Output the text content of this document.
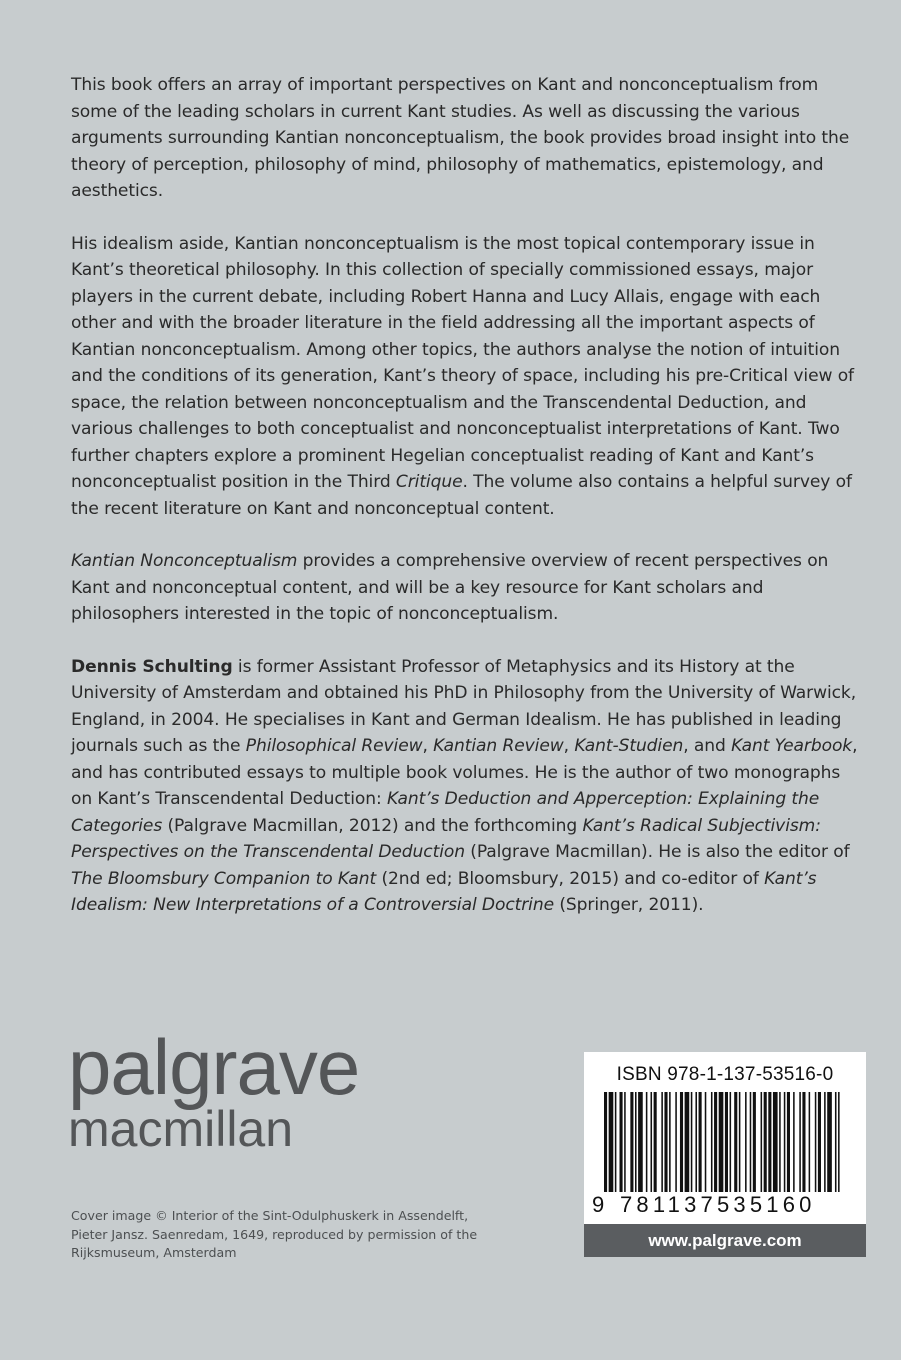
This book offers an array of important perspectives on Kant and nonconceptualism from some of the leading scholars in current Kant studies. As well as discussing the various arguments surrounding Kantian nonconceptualism, the book provides broad insight into the theory of perception, philosophy of mind, philosophy of mathematics, epistemology, and aesthetics.

His idealism aside, Kantian nonconceptualism is the most topical contemporary issue in Kant’s theoretical philosophy. In this collection of specially commissioned essays, major players in the current debate, including Robert Hanna and Lucy Allais, engage with each other and with the broader literature in the field addressing all the important aspects of Kantian nonconceptualism. Among other topics, the authors analyse the notion of intuition and the conditions of its generation, Kant’s theory of space, including his pre-Critical view of space, the relation between nonconceptualism and the Transcendental Deduction, and various challenges to both conceptualist and nonconceptualist interpretations of Kant. Two further chapters explore a prominent Hegelian conceptualist reading of Kant and Kant’s nonconceptualist position in the Third Critique. The volume also contains a helpful survey of the recent literature on Kant and nonconceptual content.

Kantian Nonconceptualism provides a comprehensive overview of recent perspectives on Kant and nonconceptual content, and will be a key resource for Kant scholars and philosophers interested in the topic of nonconceptualism.

Dennis Schulting is former Assistant Professor of Metaphysics and its History at the University of Amsterdam and obtained his PhD in Philosophy from the University of Warwick, England, in 2004. He specialises in Kant and German Idealism. He has published in leading journals such as the Philosophical Review, Kantian Review, Kant-Studien, and Kant Yearbook, and has contributed essays to multiple book volumes. He is the author of two monographs on Kant’s Transcendental Deduction: Kant’s Deduction and Apperception: Explaining the Categories (Palgrave Macmillan, 2012) and the forthcoming Kant’s Radical Subjectivism: Perspectives on the Transcendental Deduction (Palgrave Macmillan). He is also the editor of The Bloomsbury Companion to Kant (2nd ed; Bloomsbury, 2015) and co-editor of Kant’s Idealism: New Interpretations of a Controversial Doctrine (Springer, 2011).

palgrave
macmillan
Cover image © Interior of the Sint-Odulphuskerk in Assendelft,
Pieter Jansz. Saenredam, 1649, reproduced by permission of the
Rijksmuseum, Amsterdam
ISBN 978-1-137-53516-0
9 781137535160
www.palgrave.com
